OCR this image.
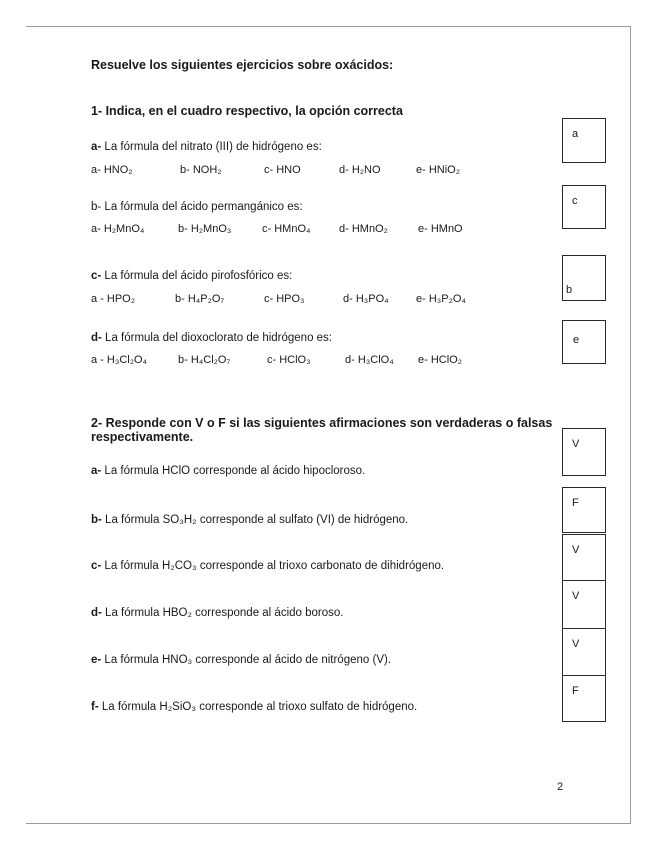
Resuelve los siguientes ejercicios sobre oxácidos:
1- Indica, en el cuadro respectivo, la opción correcta
a- La fórmula del nitrato (III) de hidrógeno es:
a- HNO₂	b- NOH₂	c- HNO	d- H₂NO	e- HNiO₂
a
b- La fórmula del ácido permangánico es:
a- H₂MnO₄	b- H₂MnO₃	c- HMnO₄	d- HMnO₂	e- HMnO
c
c- La fórmula del ácido pirofosfórico es:
a - HPO₂	b- H₄P₂O₇	c- HPO₃	d- H₃PO₄ e- H₃P₂O₄
b
d- La fórmula del dioxoclorato de hidrógeno es:
a - H₃Cl₂O₄	b- H₄Cl₂O₇	c- HClO₃	d- H₃ClO₄ e- HClO₂
e
2- Responde con V o F si las siguientes afirmaciones son verdaderas o falsas
respectivamente.
a- La fórmula HClO corresponde al ácido hipocloroso.
V
b- La fórmula SO₃H₂ corresponde al sulfato (VI) de hidrógeno.
F
c- La fórmula H₂CO₃ corresponde al trioxo carbonato de dihidrógeno.
V
d- La fórmula HBO₂ corresponde al ácido boroso.
V
e- La fórmula HNO₃ corresponde al ácido de nitrógeno (V).
V
f- La fórmula H₂SiO₃ corresponde al trioxo sulfato de hidrógeno.
F
2
